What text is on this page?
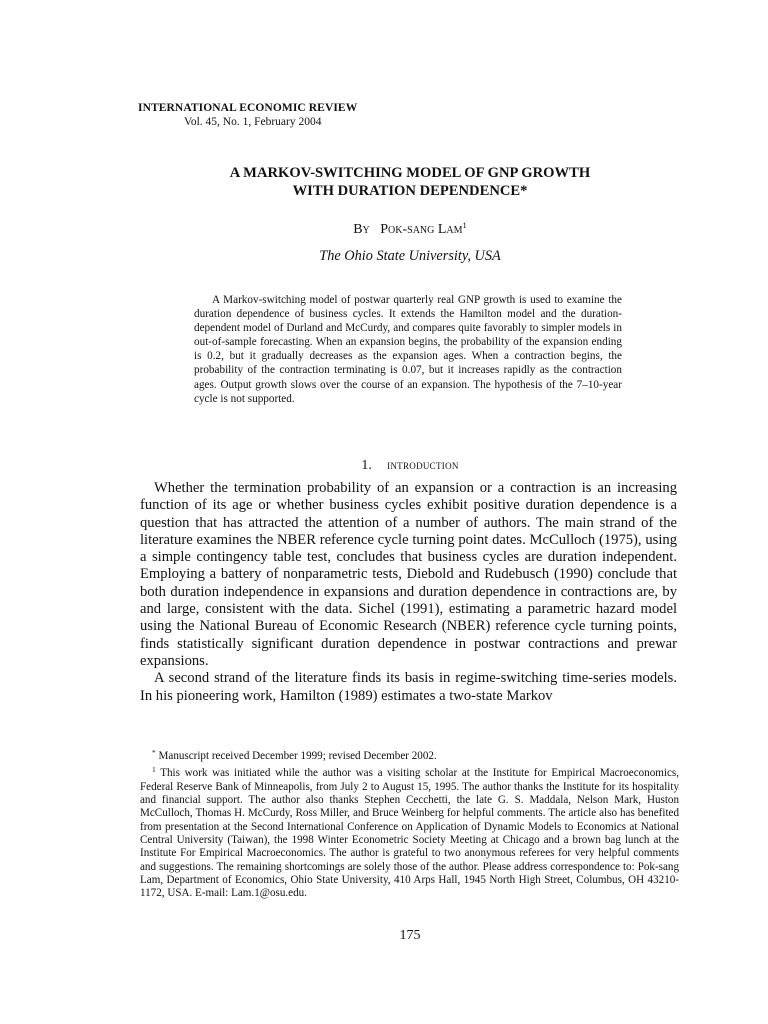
INTERNATIONAL ECONOMIC REVIEW
Vol. 45, No. 1, February 2004
A MARKOV-SWITCHING MODEL OF GNP GROWTH
WITH DURATION DEPENDENCE*
By Pok-sang Lam$^1$
The Ohio State University, USA
A Markov-switching model of postwar quarterly real GNP growth is used to examine the duration dependence of business cycles. It extends the Hamilton model and the duration-dependent model of Durland and McCurdy, and compares quite favorably to simpler models in out-of-sample forecasting. When an expansion begins, the probability of the expansion ending is 0.2, but it gradually decreases as the expansion ages. When a contraction begins, the probability of the contraction terminating is 0.07, but it increases rapidly as the contraction ages. Output growth slows over the course of an expansion. The hypothesis of the 7–10-year cycle is not supported.
1. introduction

Whether the termination probability of an expansion or a contraction is an increasing function of its age or whether business cycles exhibit positive duration dependence is a question that has attracted the attention of a number of authors. The main strand of the literature examines the NBER reference cycle turning point dates. McCulloch (1975), using a simple contingency table test, concludes that business cycles are duration independent. Employing a battery of nonparametric tests, Diebold and Rudebusch (1990) conclude that both duration independence in expansions and duration dependence in contractions are, by and large, consistent with the data. Sichel (1991), estimating a parametric hazard model using the National Bureau of Economic Research (NBER) reference cycle turning points, finds statistically significant duration dependence in postwar contractions and prewar expansions.

A second strand of the literature finds its basis in regime-switching time-series models. In his pioneering work, Hamilton (1989) estimates a two-state Markov

* Manuscript received December 1999; revised December 2002.

$^1$ This work was initiated while the author was a visiting scholar at the Institute for Empirical Macroeconomics, Federal Reserve Bank of Minneapolis, from July 2 to August 15, 1995. The author thanks the Institute for its hospitality and financial support. The author also thanks Stephen Cecchetti, the late G. S. Maddala, Nelson Mark, Huston McCulloch, Thomas H. McCurdy, Ross Miller, and Bruce Weinberg for helpful comments. The article also has benefited from presentation at the Second International Conference on Application of Dynamic Models to Economics at National Central University (Taiwan), the 1998 Winter Econometric Society Meeting at Chicago and a brown bag lunch at the Institute For Empirical Macroeconomics. The author is grateful to two anonymous referees for very helpful comments and suggestions. The remaining shortcomings are solely those of the author. Please address correspondence to: Pok-sang Lam, Department of Economics, Ohio State University, 410 Arps Hall, 1945 North High Street, Columbus, OH 43210-1172, USA. E-mail: Lam.1@osu.edu.

175
